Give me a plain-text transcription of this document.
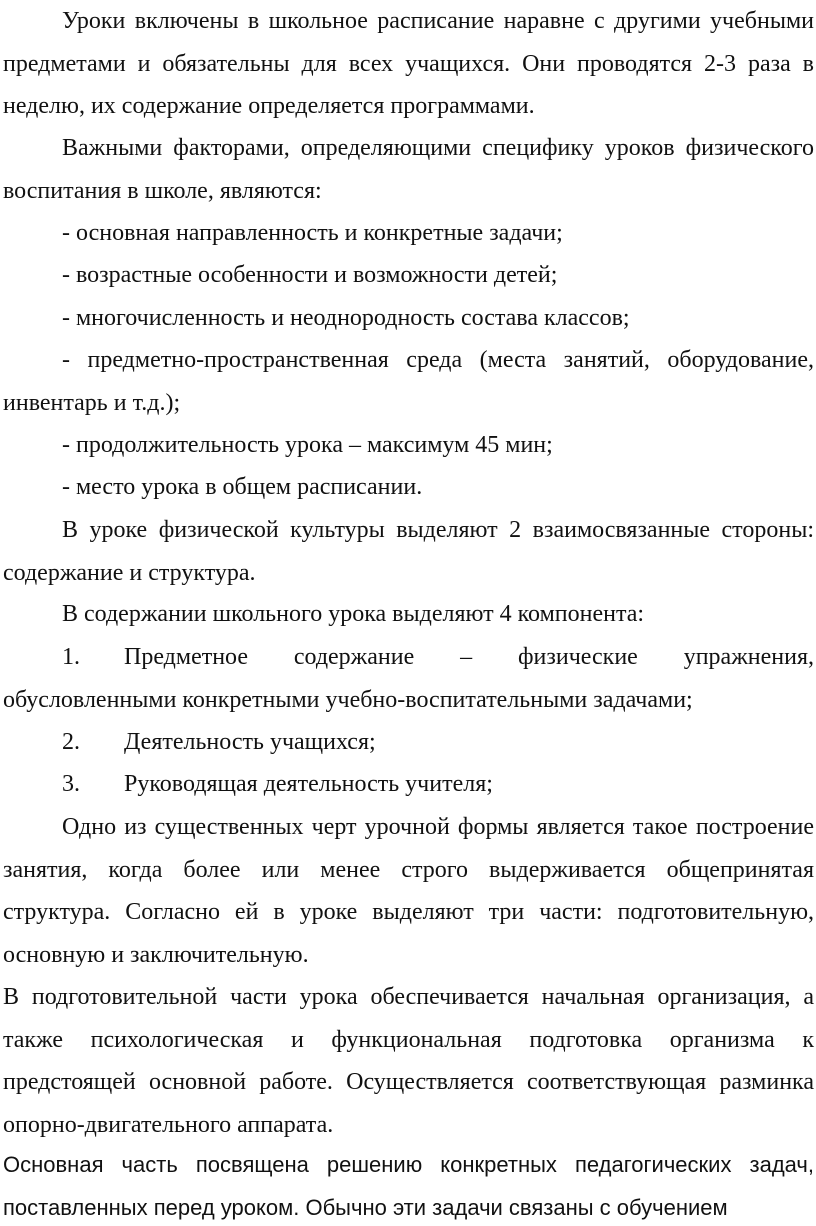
Уроки включены в школьное расписание наравне с другими учебными предметами и обязательны для всех учащихся. Они проводятся 2-3 раза в неделю, их содержание определяется программами.

Важными факторами, определяющими специфику уроков физического воспитания в школе, являются:

- основная направленность и конкретные задачи;

- возрастные особенности и возможности детей;

- многочисленность и неоднородность состава классов;

- предметно-пространственная среда (места занятий, оборудование, инвентарь и т.д.);

- продолжительность урока – максимум 45 мин;

- место урока в общем расписании.

В уроке физической культуры выделяют 2 взаимосвязанные стороны: содержание и структура.

В содержании школьного урока выделяют 4 компонента:

1. Предметное содержание – физические упражнения, обусловленными конкретными учебно-воспитательными задачами;

2. Деятельность учащихся;

3. Руководящая деятельность учителя;

Одно из существенных черт урочной формы является такое построение занятия, когда более или менее строго выдерживается общепринятая структура. Согласно ей в уроке выделяют три части: подготовительную, основную и заключительную.

В подготовительной части урока обеспечивается начальная организация, а также психологическая и функциональная подготовка организма к предстоящей основной работе. Осуществляется соответствующая разминка опорно-двигательного аппарата.

Основная часть посвящена решению конкретных педагогических задач, поставленных перед уроком. Обычно эти задачи связаны с обучением
